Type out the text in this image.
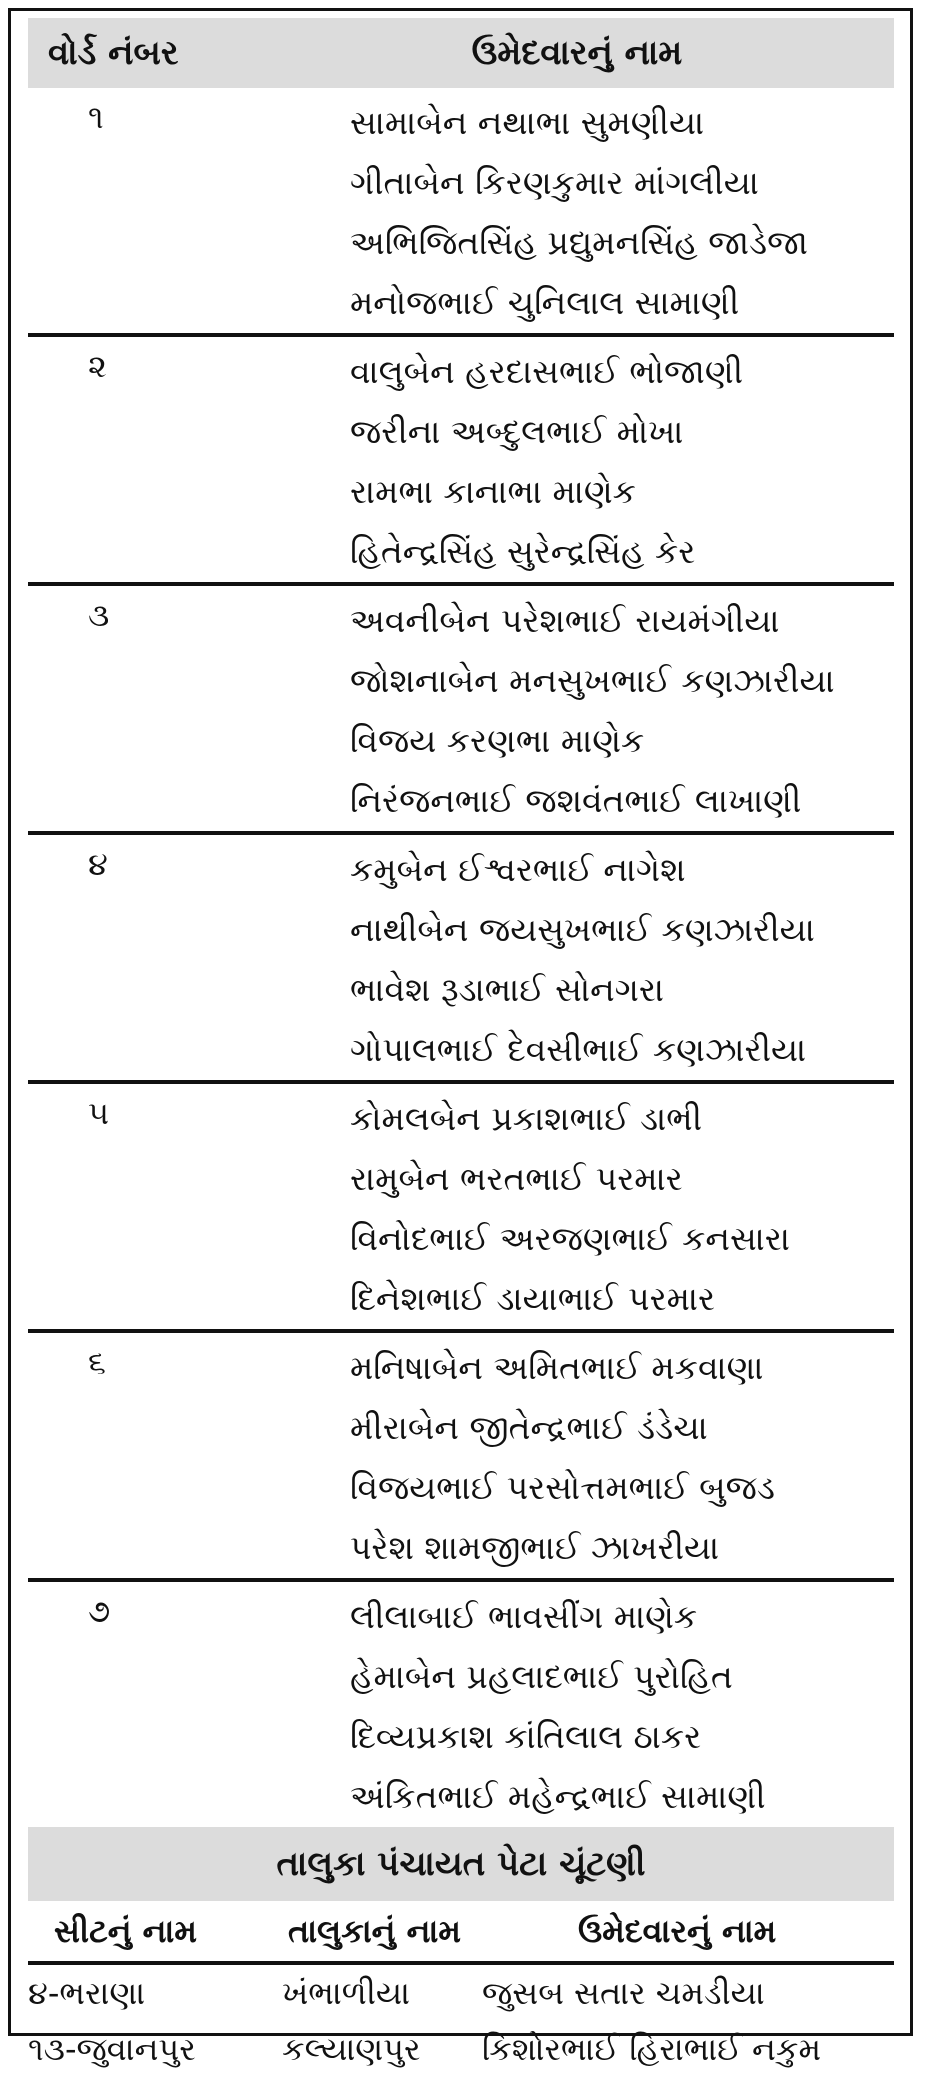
વોર્ડ નંબર	ઉમેદવારનું નામ
૧	સામાબેન નથાભા સુમણીયા
ગીતાબેન કિરણકુમાર માંગલીયા
અભિજિતસિંહ પ્રદ્યુમનસિંહ જાડેજા
મનોજભાઈ ચુનિલાલ સામાણી
૨	વાલુબેન હરદાસભાઈ ભોજાણી
જરીના અબ્દુલભાઈ મોખા
રામભા કાનાભા માણેક
હિતેન્દ્રસિંહ સુરેન્દ્રસિંહ કેર
૩	અવનીબેન પરેશભાઈ રાયમંગીયા
જોશનાબેન મનસુખભાઈ કણઝારીયા
વિજય કરણભા માણેક
નિરંજનભાઈ જશવંતભાઈ લાખાણી
૪	કમુબેન ઈશ્વરભાઈ નાગેશ
નાથીબેન જયસુખભાઈ કણઝારીયા
ભાવેશ રૂડાભાઈ સોનગરા
ગોપાલભાઈ દેવસીભાઈ કણઝારીયા
૫	કોમલબેન પ્રકાશભાઈ ડાભી
રામુબેન ભરતભાઈ પરમાર
વિનોદભાઈ અરજણભાઈ કનસારા
દિનેશભાઈ ડાયાભાઈ પરમાર
૬	મનિષાબેન અમિતભાઈ મકવાણા
મીરાબેન જીતેન્દ્રભાઈ ડંડેચા
વિજયભાઈ પરસોત્તમભાઈ બુજડ
પરેશ શામજીભાઈ ઝાખરીયા
૭	લીલાબાઈ ભાવસીંગ માણેક
હેમાબેન પ્રહલાદભાઈ પુરોહિત
દિવ્યપ્રકાશ કાંતિલાલ ઠાકર
અંકિતભાઈ મહેન્દ્રભાઈ સામાણી
તાલુકા પંચાયત પેટા ચૂંટણી
સીટનું નામ	તાલુકાનું નામ	ઉમેદવારનું નામ
૪-ભરાણા	ખંભાળીયા	જુસબ સતાર ચમડીયા
૧૩-જુવાનપુર	કલ્યાણપુર	કિશોરભાઈ હિરાભાઈ નકુમ
